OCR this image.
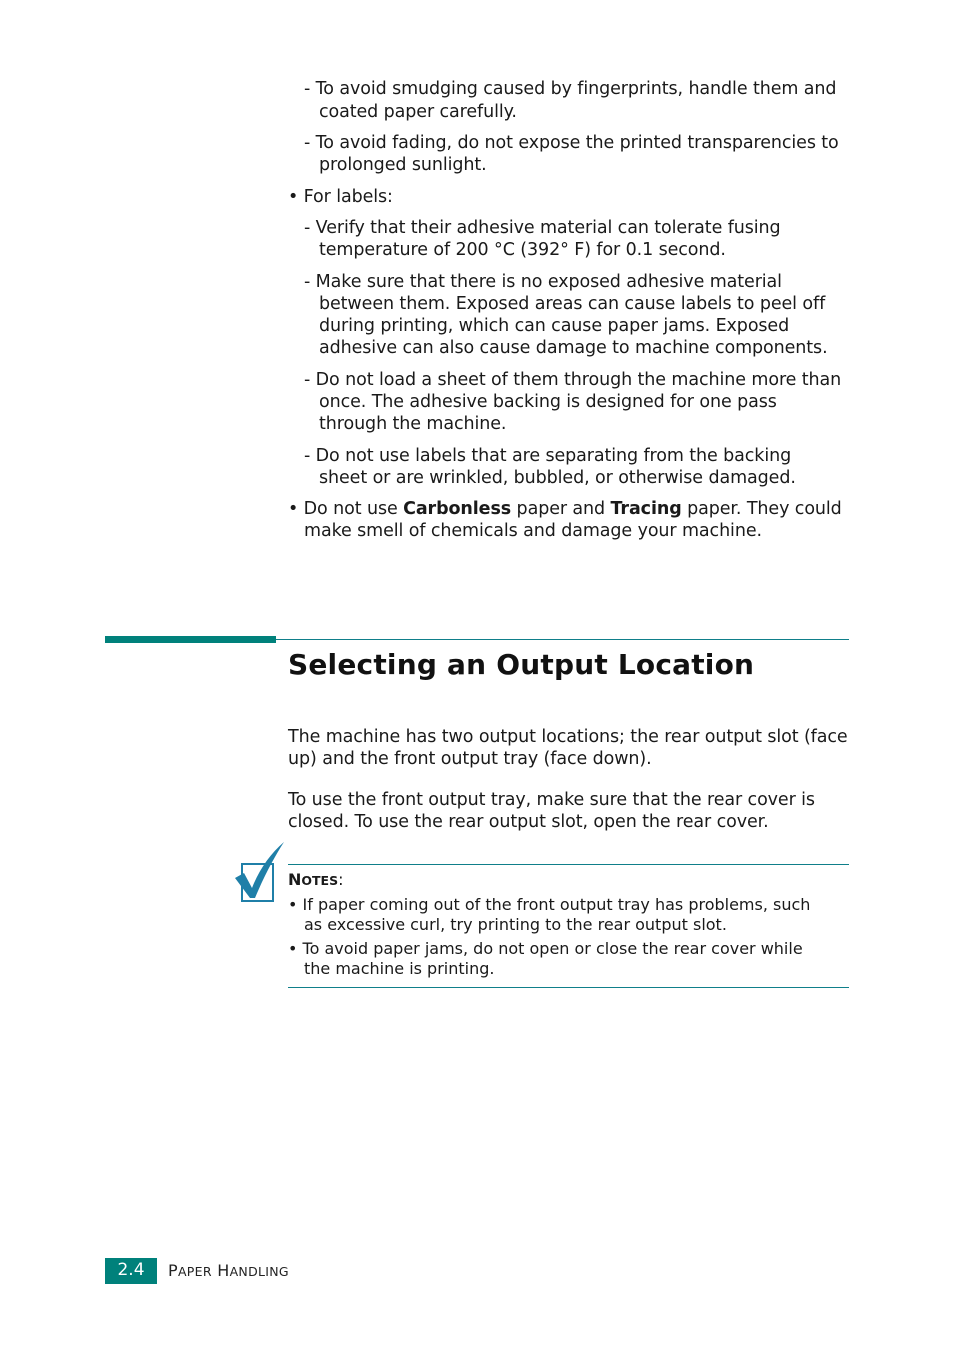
- To avoid smudging caused by fingerprints, handle them and
coated paper carefully.
- To avoid fading, do not expose the printed transparencies to
prolonged sunlight.
• For labels:
- Verify that their adhesive material can tolerate fusing
temperature of 200 °C (392° F) for 0.1 second.
- Make sure that there is no exposed adhesive material
between them. Exposed areas can cause labels to peel off
during printing, which can cause paper jams. Exposed
adhesive can also cause damage to machine components.
- Do not load a sheet of them through the machine more than
once. The adhesive backing is designed for one pass
through the machine.
- Do not use labels that are separating from the backing
sheet or are wrinkled, bubbled, or otherwise damaged.
• Do not use Carbonless paper and Tracing paper. They could
make smell of chemicals and damage your machine.
Selecting an Output Location
The machine has two output locations; the rear output slot (face
up) and the front output tray (face down).
To use the front output tray, make sure that the rear cover is
closed. To use the rear output slot, open the rear cover.
NOTES:
• If paper coming out of the front output tray has problems, such
as excessive curl, try printing to the rear output slot.
• To avoid paper jams, do not open or close the rear cover while
the machine is printing.
2.4	PAPER HANDLING
